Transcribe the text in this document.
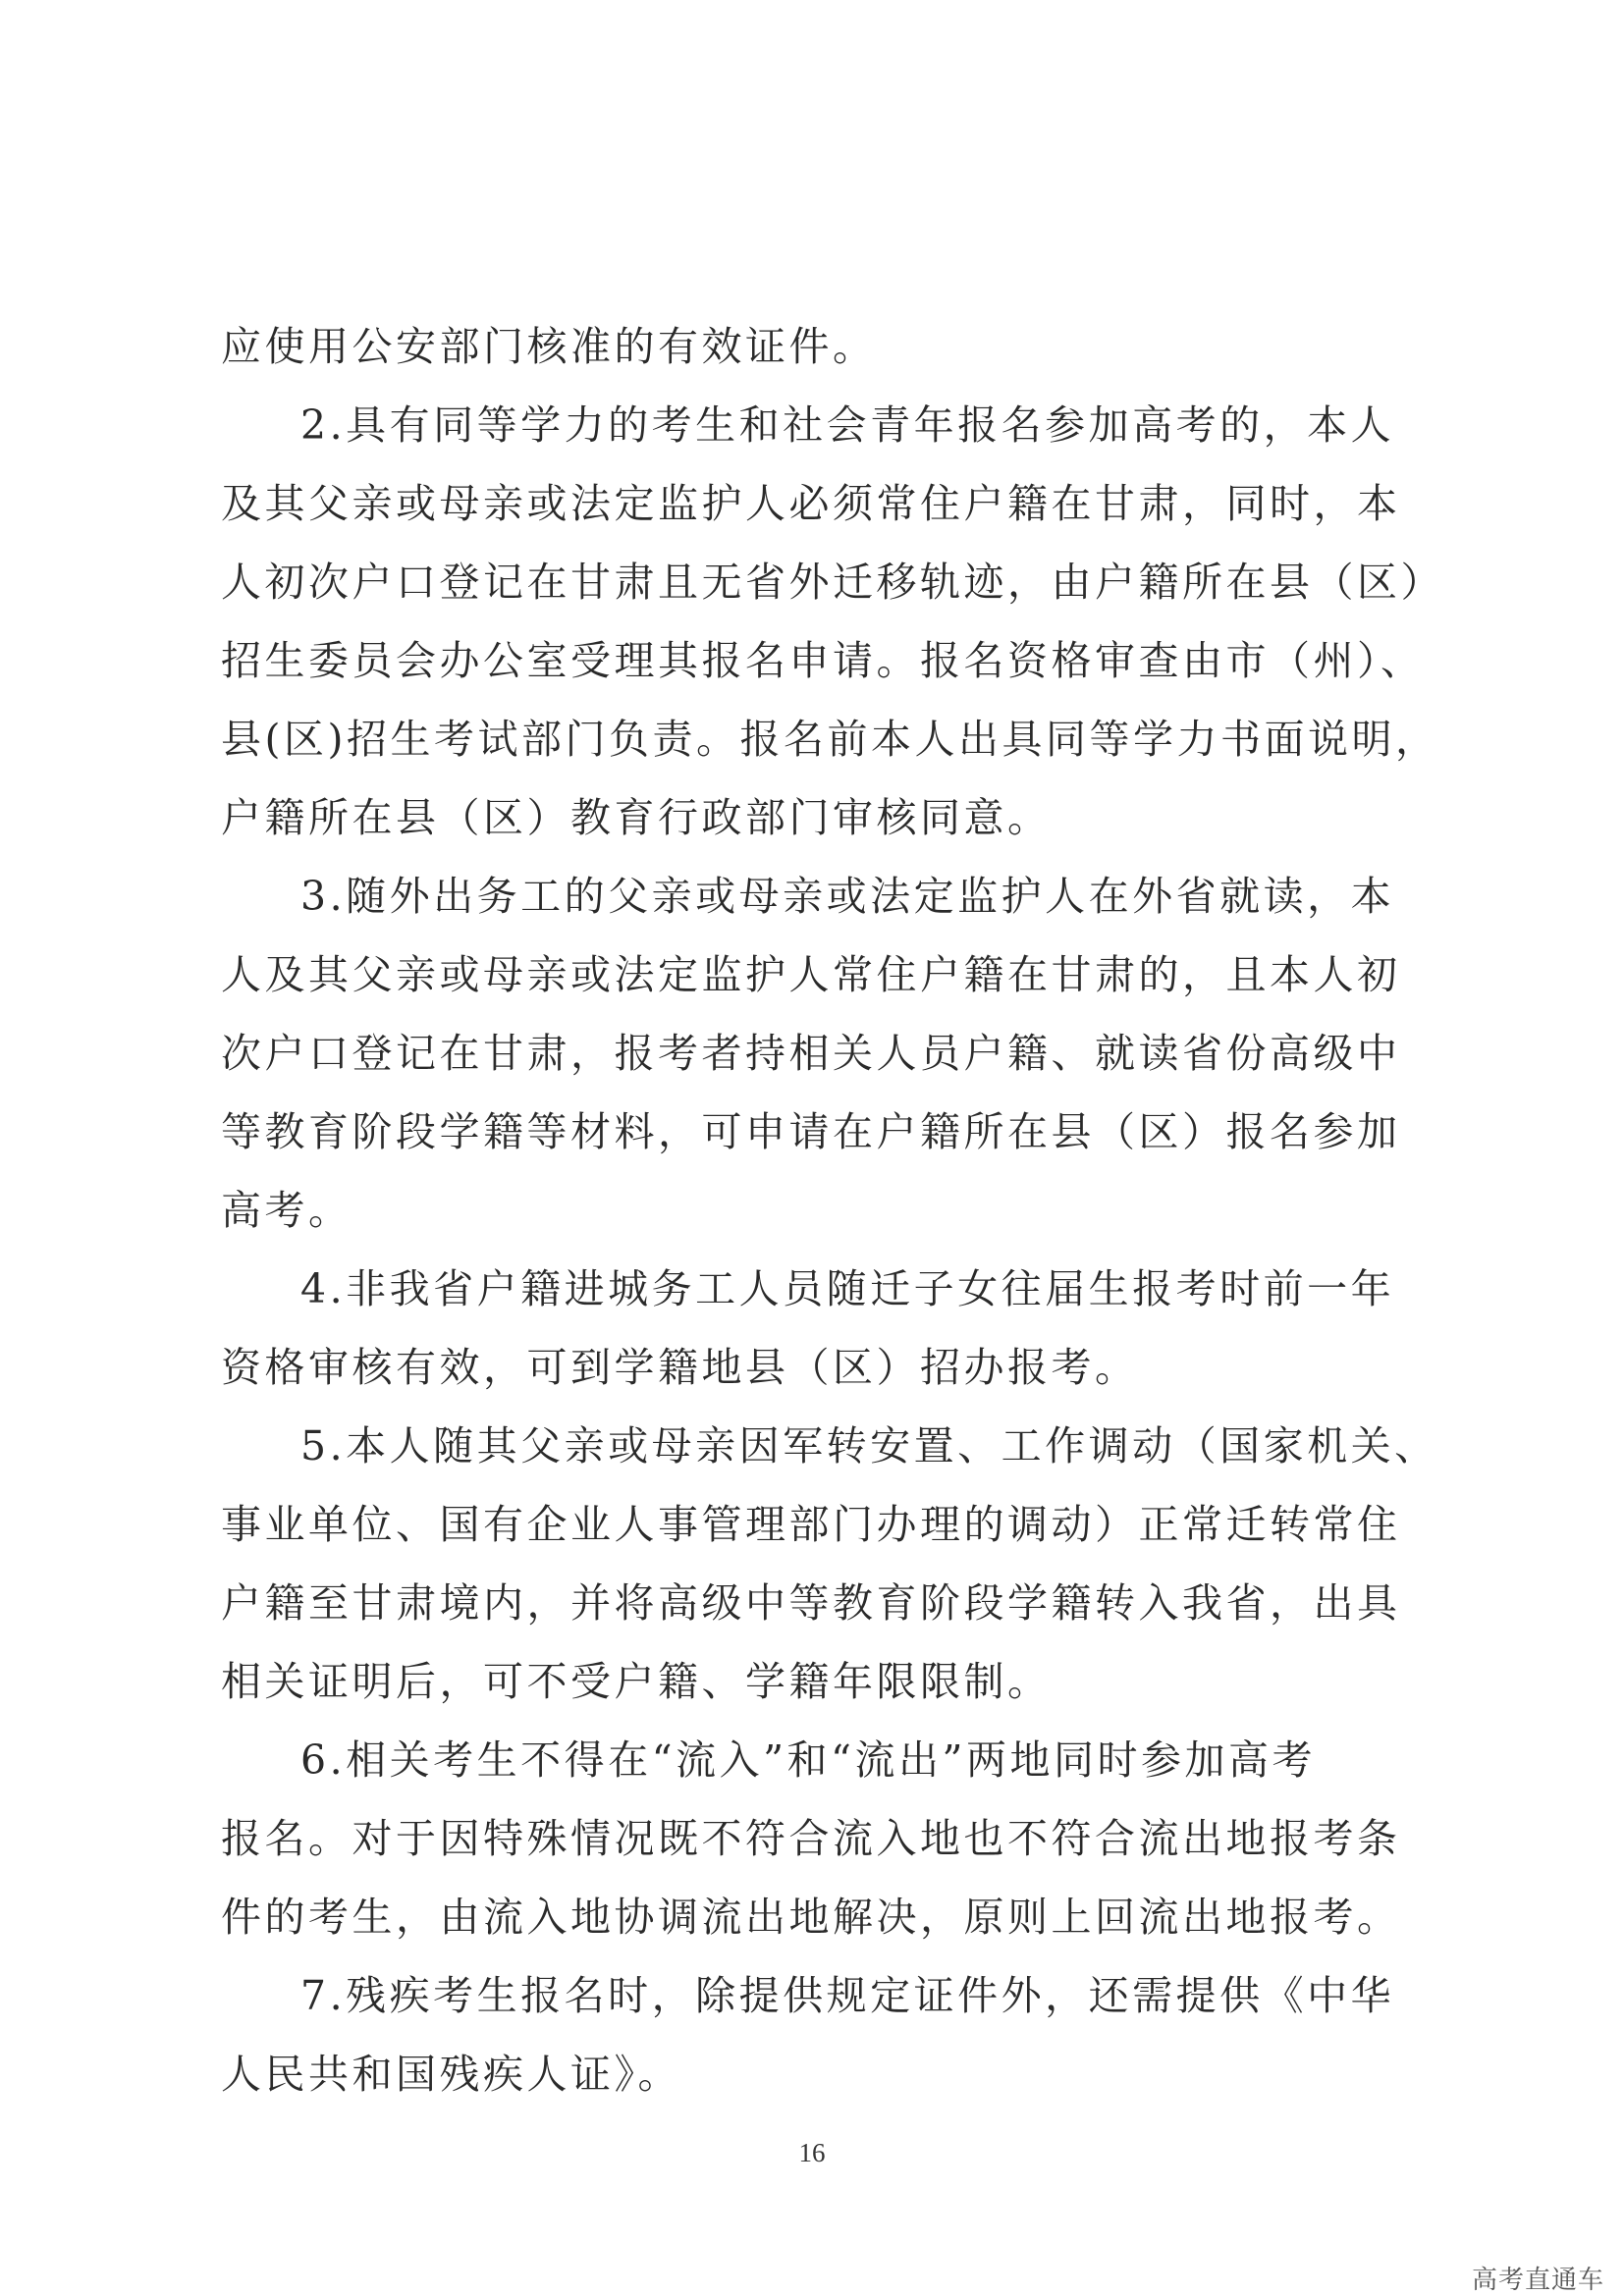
应使用公安部门核准的有效证件。
2.具有同等学力的考生和社会青年报名参加高考的，本人
及其父亲或母亲或法定监护人必须常住户籍在甘肃，同时，本
人初次户口登记在甘肃且无省外迁移轨迹，由户籍所在县（区）
招生委员会办公室受理其报名申请。报名资格审查由市（州）、
县(区)招生考试部门负责。报名前本人出具同等学力书面说明，
户籍所在县（区）教育行政部门审核同意。
3.随外出务工的父亲或母亲或法定监护人在外省就读，本
人及其父亲或母亲或法定监护人常住户籍在甘肃的，且本人初
次户口登记在甘肃，报考者持相关人员户籍、就读省份高级中
等教育阶段学籍等材料，可申请在户籍所在县（区）报名参加
高考。
4.非我省户籍进城务工人员随迁子女往届生报考时前一年
资格审核有效，可到学籍地县（区）招办报考。
5.本人随其父亲或母亲因军转安置、工作调动（国家机关、
事业单位、国有企业人事管理部门办理的调动）正常迁转常住
户籍至甘肃境内，并将高级中等教育阶段学籍转入我省，出具
相关证明后，可不受户籍、学籍年限限制。
6.相关考生不得在“流入”和“流出”两地同时参加高考
报名。对于因特殊情况既不符合流入地也不符合流出地报考条
件的考生，由流入地协调流出地解决，原则上回流出地报考。
7.残疾考生报名时，除提供规定证件外，还需提供《中华
人民共和国残疾人证》。
16
高考直通车
